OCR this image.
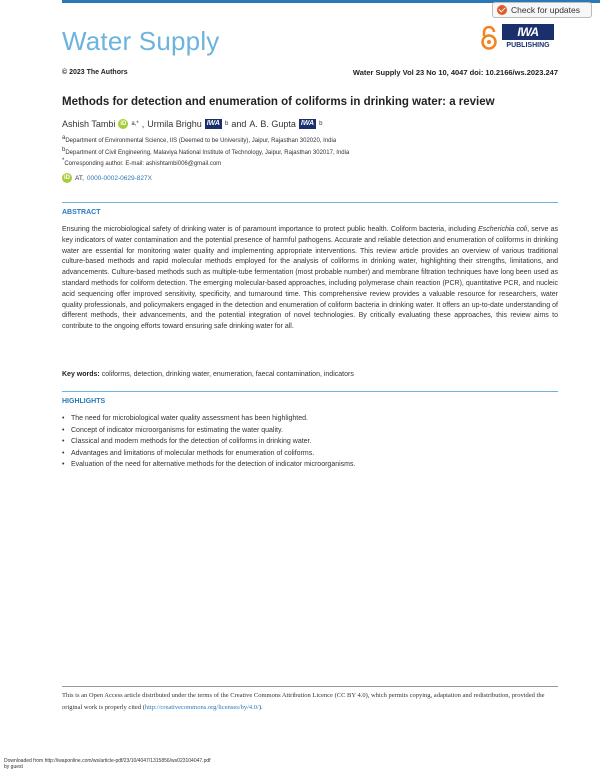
Water Supply
Check for updates
IWA
PUBLISHING
© 2023 The Authors	Water Supply Vol 23 No 10, 4047 doi: 10.2166/ws.2023.247
Methods for detection and enumeration of coliforms in drinking water: a review
Ashish Tambi iD a,* , Urmila Brighu IWA b and A. B. Gupta IWA b
aDepartment of Environmental Science, IIS (Deemed to be University), Jaipur, Rajasthan 302020, India
bDepartment of Civil Engineering, Malaviya National Institute of Technology, Jaipur, Rajasthan 302017, India
*Corresponding author. E-mail: ashishtambi006@gmail.com
iD AT, 0000-0002-0629-827X
ABSTRACT

Ensuring the microbiological safety of drinking water is of paramount importance to protect public health. Coliform bacteria, including Escherichia coli, serve as key indicators of water contamination and the potential presence of harmful pathogens. Accurate and reliable detection and enumeration of coliforms in drinking water are essential for monitoring water quality and implementing appropriate interventions. This review article provides an overview of various traditional culture-based methods and rapid molecular methods employed for the analysis of coliforms in drinking water, highlighting their strengths, limitations, and advancements. Culture-based methods such as multiple-tube fermentation (most probable number) and membrane filtration techniques have long been used as standard methods for coliform detection. The emerging molecular-based approaches, including polymerase chain reaction (PCR), quantitative PCR, and nucleic acid sequencing offer improved sensitivity, specificity, and turnaround time. This comprehensive review provides a valuable resource for researchers, water quality professionals, and policymakers engaged in the detection and enumeration of coliform bacteria in drinking water. It offers an up-to-date understanding of different methods, their advancements, and the potential integration of novel technologies. By critically evaluating these approaches, this review aims to contribute to the ongoing efforts toward ensuring safe drinking water for all.

Key words: coliforms, detection, drinking water, enumeration, faecal contamination, indicators
HIGHLIGHTS
• The need for microbiological water quality assessment has been highlighted.
• Concept of indicator microorganisms for estimating the water quality.
• Classical and modern methods for the detection of coliforms in drinking water.
• Advantages and limitations of molecular methods for enumeration of coliforms.
• Evaluation of the need for alternative methods for the detection of indicator microorganisms.

This is an Open Access article distributed under the terms of the Creative Commons Attribution Licence (CC BY 4.0), which permits copying, adaptation and redistribution, provided the original work is properly cited (http://creativecommons.org/licenses/by/4.0/).

Downloaded from http://iwaponline.com/ws/article-pdf/23/10/4047/1315856/ws023104047.pdf
by guest
